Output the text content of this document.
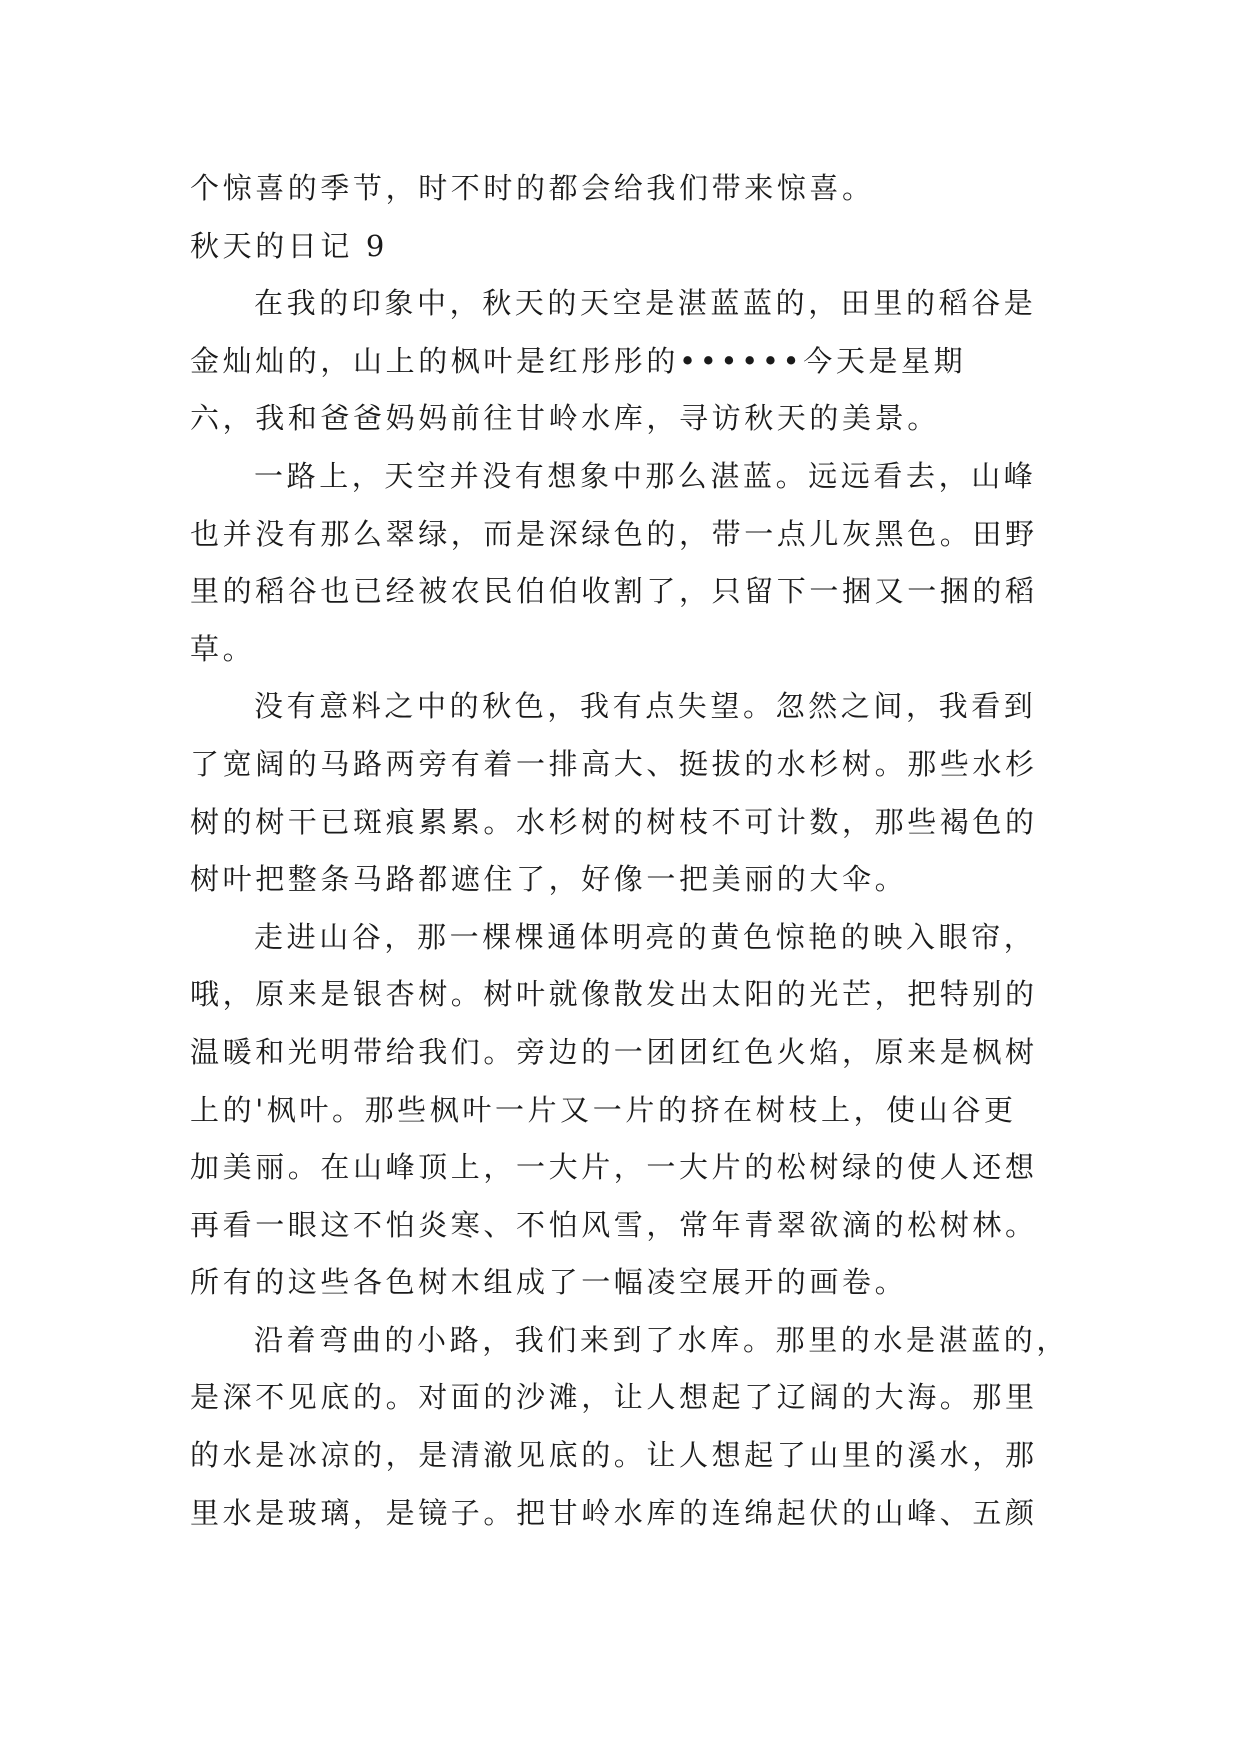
个惊喜的季节，时不时的都会给我们带来惊喜。
秋天的日记 9
在我的印象中，秋天的天空是湛蓝蓝的，田里的稻谷是
金灿灿的，山上的枫叶是红彤彤的••••••今天是星期
六，我和爸爸妈妈前往甘岭水库，寻访秋天的美景。
一路上，天空并没有想象中那么湛蓝。远远看去，山峰
也并没有那么翠绿，而是深绿色的，带一点儿灰黑色。田野
里的稻谷也已经被农民伯伯收割了，只留下一捆又一捆的稻
草。
没有意料之中的秋色，我有点失望。忽然之间，我看到
了宽阔的马路两旁有着一排高大、挺拔的水杉树。那些水杉
树的树干已斑痕累累。水杉树的树枝不可计数，那些褐色的
树叶把整条马路都遮住了，好像一把美丽的大伞。
走进山谷，那一棵棵通体明亮的黄色惊艳的映入眼帘，
哦，原来是银杏树。树叶就像散发出太阳的光芒，把特别的
温暖和光明带给我们。旁边的一团团红色火焰，原来是枫树
上的'枫叶。那些枫叶一片又一片的挤在树枝上，使山谷更
加美丽。在山峰顶上，一大片，一大片的松树绿的使人还想
再看一眼这不怕炎寒、不怕风雪，常年青翠欲滴的松树林。
所有的这些各色树木组成了一幅凌空展开的画卷。
沿着弯曲的小路，我们来到了水库。那里的水是湛蓝的，
是深不见底的。对面的沙滩，让人想起了辽阔的大海。那里
的水是冰凉的，是清澈见底的。让人想起了山里的溪水，那
里水是玻璃，是镜子。把甘岭水库的连绵起伏的山峰、五颜
